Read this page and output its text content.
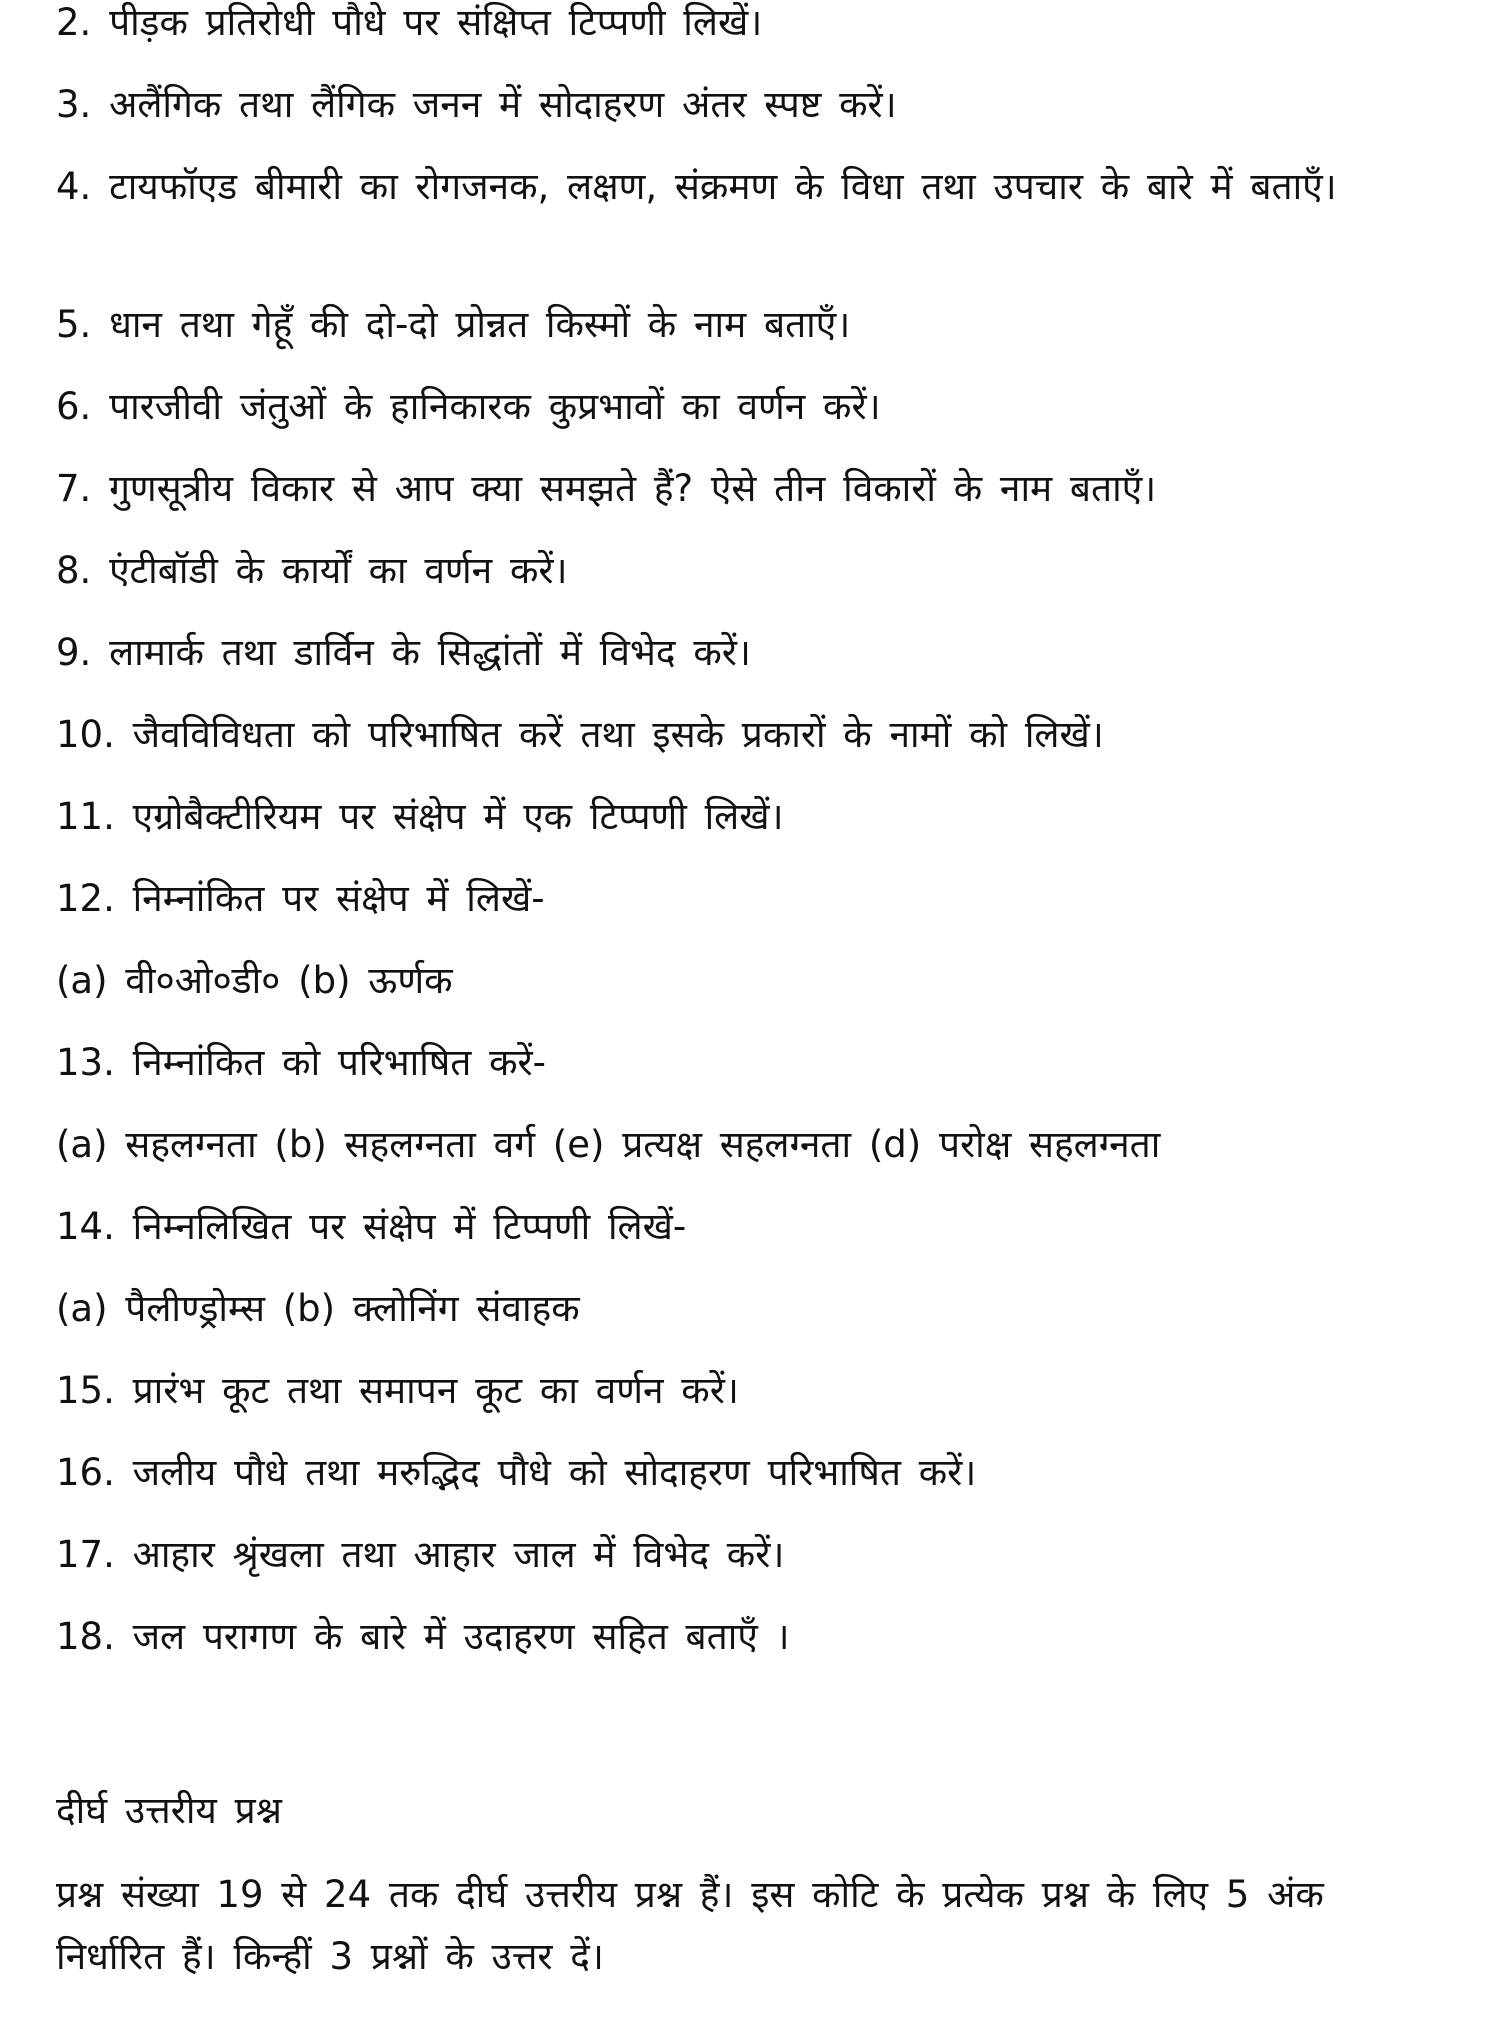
2. पीड़क प्रतिरोधी पौधे पर संक्षिप्त टिप्पणी लिखें।
3. अलैंगिक तथा लैंगिक जनन में सोदाहरण अंतर स्पष्ट करें।
4. टायफॉएड बीमारी का रोगजनक, लक्षण, संक्रमण के विधा तथा उपचार के बारे में बताएँ।
5. धान तथा गेहूँ की दो-दो प्रोन्नत किस्मों के नाम बताएँ।
6. पारजीवी जंतुओं के हानिकारक कुप्रभावों का वर्णन करें।
7. गुणसूत्रीय विकार से आप क्या समझते हैं? ऐसे तीन विकारों के नाम बताएँ।
8. एंटीबॉडी के कार्यों का वर्णन करें।
9. लामार्क तथा डार्विन के सिद्धांतों में विभेद करें।
10. जैवविविधता को परिभाषित करें तथा इसके प्रकारों के नामों को लिखें।
11. एग्रोबैक्टीरियम पर संक्षेप में एक टिप्पणी लिखें।
12. निम्नांकित पर संक्षेप में लिखें-
(a) वी०ओ०डी० (b) ऊर्णक
13. निम्नांकित को परिभाषित करें-
(a) सहलग्नता (b) सहलग्नता वर्ग (e) प्रत्यक्ष सहलग्नता (d) परोक्ष सहलग्नता
14. निम्नलिखित पर संक्षेप में टिप्पणी लिखें-
(a) पैलीण्ड्रोम्स (b) क्लोनिंग संवाहक
15. प्रारंभ कूट तथा समापन कूट का वर्णन करें।
16. जलीय पौधे तथा मरुद्भिद पौधे को सोदाहरण परिभाषित करें।
17. आहार श्रृंखला तथा आहार जाल में विभेद करें।
18. जल परागण के बारे में उदाहरण सहित बताएँ ।
दीर्घ उत्तरीय प्रश्न
प्रश्न संख्या 19 से 24 तक दीर्घ उत्तरीय प्रश्न हैं। इस कोटि के प्रत्येक प्रश्न के लिए 5 अंक निर्धारित हैं। किन्हीं 3 प्रश्नों के उत्तर दें।
